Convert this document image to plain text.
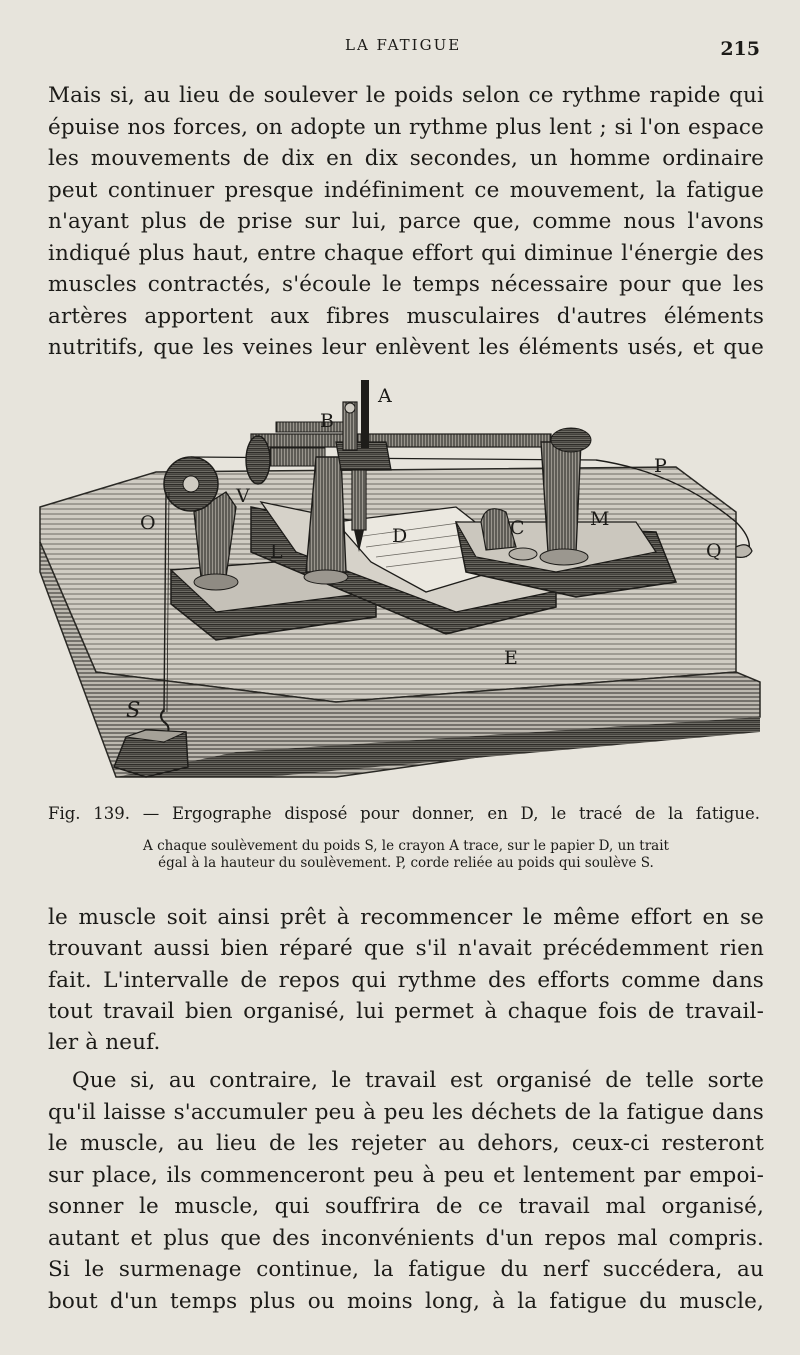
LA FATIGUE	215
Mais si, au lieu de soulever le poids selon ce rythme rapide qui
épuise nos forces, on adopte un rythme plus lent ; si l'on espace
les mouvements de dix en dix secondes, un homme ordinaire
peut continuer presque indéfiniment ce mouvement, la fatigue
n'ayant plus de prise sur lui, parce que, comme nous l'avons
indiqué plus haut, entre chaque effort qui diminue l'énergie des
muscles contractés, s'écoule le temps nécessaire pour que les
artères apportent aux fibres musculaires d'autres éléments
nutritifs, que les veines leur enlèvent les éléments usés, et que
A
B
V
O
L
D	C	M
P
Q
E
S
Fig. 139. — Ergographe disposé pour donner, en D, le tracé de la fatigue.
A chaque soulèvement du poids S, le crayon A trace, sur le papier D, un trait
égal à la hauteur du soulèvement. P, corde reliée au poids qui soulève S.
le muscle soit ainsi prêt à recommencer le même effort en se
trouvant aussi bien réparé que s'il n'avait précédemment rien
fait. L'intervalle de repos qui rythme des efforts comme dans
tout travail bien organisé, lui permet à chaque fois de travail-
ler à neuf.
Que si, au contraire, le travail est organisé de telle sorte
qu'il laisse s'accumuler peu à peu les déchets de la fatigue dans
le muscle, au lieu de les rejeter au dehors, ceux-ci resteront
sur place, ils commenceront peu à peu et lentement par empoi-
sonner le muscle, qui souffrira de ce travail mal organisé,
autant et plus que des inconvénients d'un repos mal compris.
Si le surmenage continue, la fatigue du nerf succédera, au
bout d'un temps plus ou moins long, à la fatigue du muscle,
